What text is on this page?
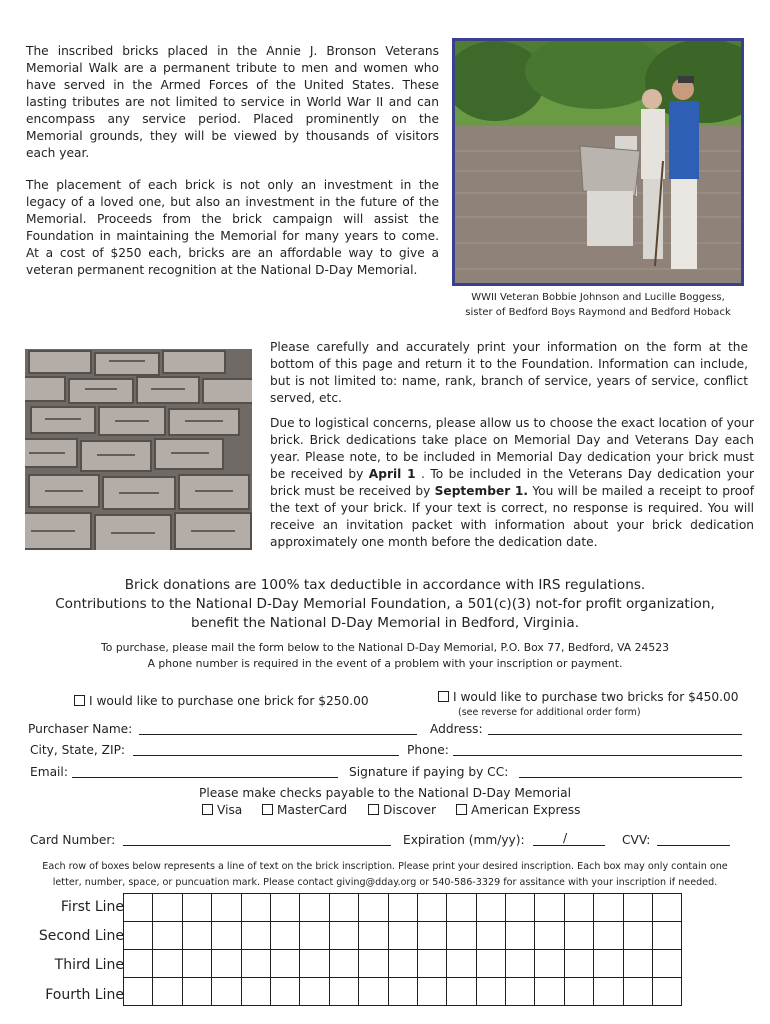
The inscribed bricks placed in the Annie J. Bronson Veterans Memorial Walk are a permanent tribute to men and women who have served in the Armed Forces of the United States. These lasting tributes are not limited to service in World War II and can encompass any service period. Placed prominently on the Memorial grounds, they will be viewed by thousands of visitors each year.

The placement of each brick is not only an investment in the legacy of a loved one, but also an investment in the future of the Memorial. Proceeds from the brick campaign will assist the Foundation in maintaining the Memorial for many years to come. At a cost of $250 each, bricks are an affordable way to give a veteran permanent recognition at the National D-Day Memorial.

WWII Veteran Bobbie Johnson and Lucille Boggess,
sister of Bedford Boys Raymond and Bedford Hoback

Please carefully and accurately print your information on the form at the bottom of this page and return it to the Foundation. Information can include, but is not limited to: name, rank, branch of service, years of service, conflict served, etc.

Due to logistical concerns, please allow us to choose the exact location of your brick. Brick dedications take place on Memorial Day and Veterans Day each year. Please note, to be included in Memorial Day dedication your brick must be received by April 1 . To be included in the Veterans Day dedication your brick must be received by September 1. You will be mailed a receipt to proof the text of your brick. If your text is correct, no response is required. You will receive an invitation packet with information about your brick dedication approximately one month before the dedication date.

Brick donations are 100% tax deductible in accordance with IRS regulations.
Contributions to the National D-Day Memorial Foundation, a 501(c)(3) not-for profit organization,
benefit the National D-Day Memorial in Bedford, Virginia.
To purchase, please mail the form below to the National D-Day Memorial, P.O. Box 77, Bedford, VA 24523
A phone number is required in the event of a problem with your inscription or payment.
I would like to purchase one brick for $250.00	I would like to purchase two bricks for $450.00
(see reverse for additional order form)
Purchaser Name:	Address:
City, State, ZIP:	Phone:
Email:	Signature if paying by CC:
Please make checks payable to the National D-Day Memorial
Visa	MasterCard	Discover	American Express
Card Number:	Expiration (mm/yy):	/	CVV:
Each row of boxes below represents a line of text on the brick inscription. Please print your desired inscription. Each box may only contain one
letter, number, space, or puncuation mark. Please contact giving@dday.org or 540-586-3329 for assitance with your inscription if needed.
First Line
Second Line
Third Line
Fourth Line
